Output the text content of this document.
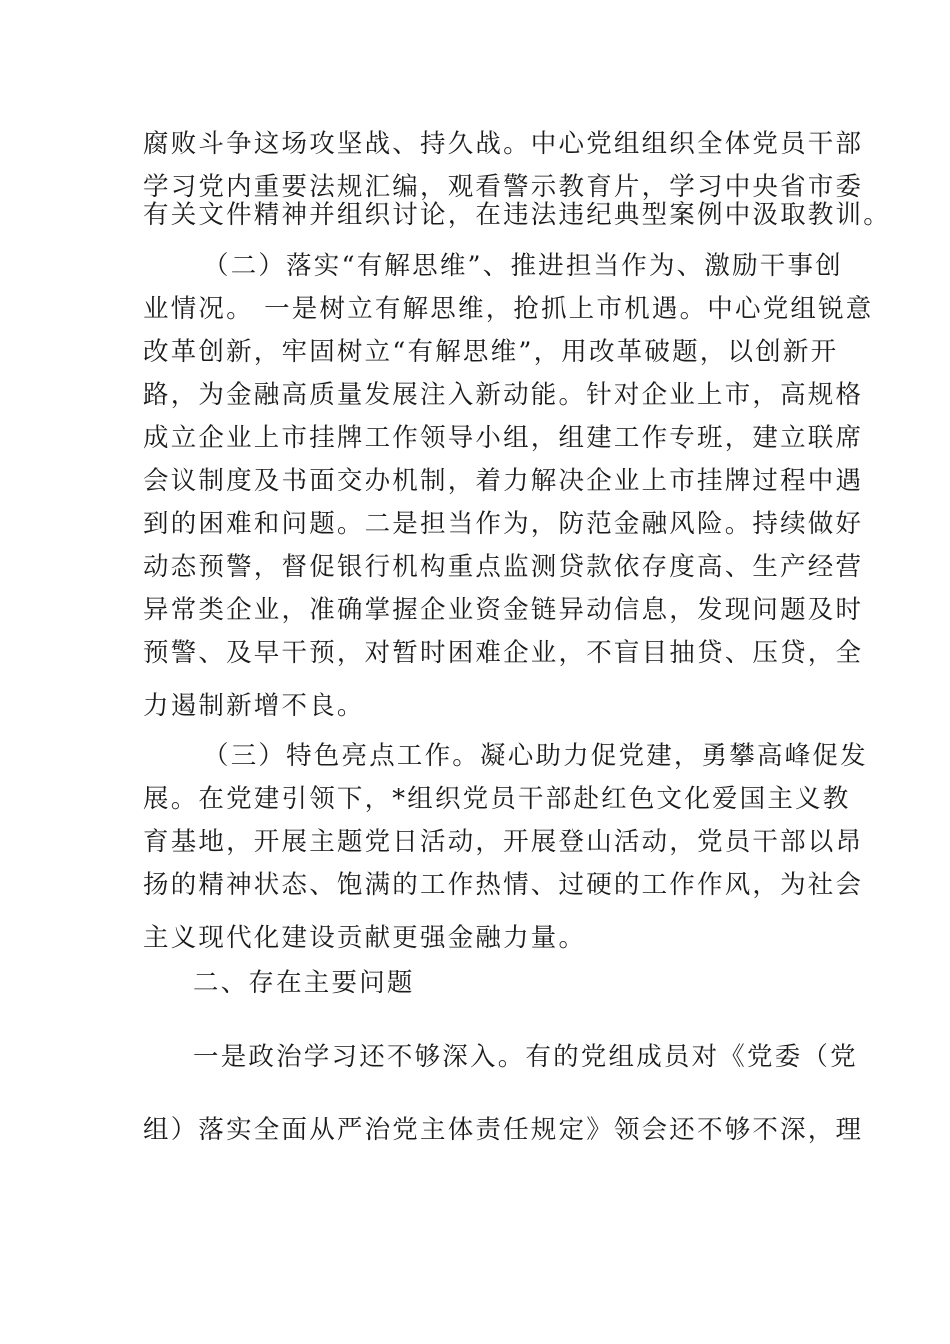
腐败斗争这场攻坚战、持久战。中心党组组织全体党员干部
学习党内重要法规汇编，观看警示教育片，学习中央省市委
有关文件精神并组织讨论，在违法违纪典型案例中汲取教训。
（二）落实“有解思维”、推进担当作为、激励干事创
业情况。 一是树立有解思维，抢抓上市机遇。中心党组锐意
改革创新，牢固树立“有解思维”，用改革破题，以创新开
路，为金融高质量发展注入新动能。针对企业上市，高规格
成立企业上市挂牌工作领导小组，组建工作专班，建立联席
会议制度及书面交办机制，着力解决企业上市挂牌过程中遇
到的困难和问题。二是担当作为，防范金融风险。持续做好
动态预警，督促银行机构重点监测贷款依存度高、生产经营
异常类企业，准确掌握企业资金链异动信息，发现问题及时
预警、及早干预，对暂时困难企业，不盲目抽贷、压贷，全
力遏制新增不良。
（三）特色亮点工作。凝心助力促党建，勇攀高峰促发
展。在党建引领下，*组织党员干部赴红色文化爱国主义教
育基地，开展主题党日活动，开展登山活动，党员干部以昂
扬的精神状态、饱满的工作热情、过硬的工作作风，为社会
主义现代化建设贡献更强金融力量。
二、存在主要问题
一是政治学习还不够深入。有的党组成员对《党委（党
组）落实全面从严治党主体责任规定》领会还不够不深，理
